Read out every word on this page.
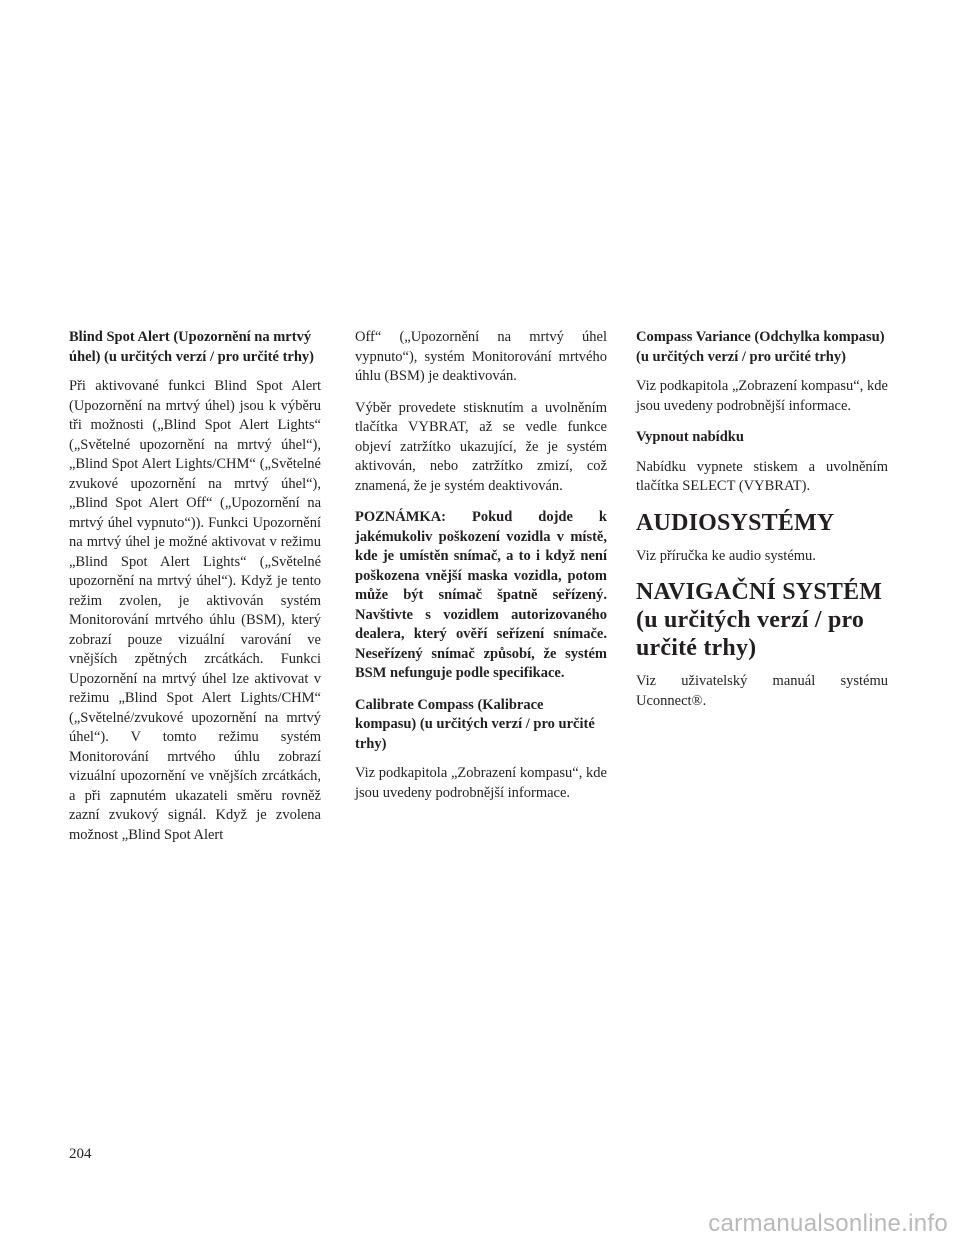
Blind Spot Alert (Upozornění na mrtvý úhel) (u určitých verzí / pro určité trhy)

Při aktivované funkci Blind Spot Alert (Upozornění na mrtvý úhel) jsou k výběru tři možnosti („Blind Spot Alert Lights“ („Světelné upozornění na mrtvý úhel“), „Blind Spot Alert Lights/CHM“ („Světelné zvukové upozornění na mrtvý úhel“), „Blind Spot Alert Off“ („Upozornění na mrtvý úhel vypnuto“)). Funkci Upozornění na mrtvý úhel je možné aktivovat v režimu „Blind Spot Alert Lights“ („Světelné upozornění na mrtvý úhel“). Když je tento režim zvolen, je aktivován systém Monitorování mrtvého úhlu (BSM), který zobrazí pouze vizuální varování ve vnějších zpětných zrcátkách. Funkci Upozornění na mrtvý úhel lze aktivovat v režimu „Blind Spot Alert Lights/CHM“ („Světelné/zvukové upozornění na mrtvý úhel“). V tomto režimu systém Monitorování mrtvého úhlu zobrazí vizuální upozornění ve vnějších zrcátkách, a při zapnutém ukazateli směru rovněž zazní zvukový signál. Když je zvolena možnost „Blind Spot Alert

Off“ („Upozornění na mrtvý úhel vypnuto“), systém Monitorování mrtvého úhlu (BSM) je deaktivován.

Výběr provedete stisknutím a uvolněním tlačítka VYBRAT, až se vedle funkce objeví zatržítko ukazující, že je systém aktivován, nebo zatržítko zmizí, což znamená, že je systém deaktivován.

POZNÁMKA: Pokud dojde k jakémukoliv poškození vozidla v místě, kde je umístěn snímač, a to i když není poškozena vnější maska vozidla, potom může být snímač špatně seřízený. Navštivte s vozidlem autorizovaného dealera, který ověří seřízení snímače. Neseřízený snímač způsobí, že systém BSM nefunguje podle specifikace.

Calibrate Compass (Kalibrace kompasu) (u určitých verzí / pro určité trhy)

Viz podkapitola „Zobrazení kompasu“, kde jsou uvedeny podrobnější informace.

Compass Variance (Odchylka kompasu) (u určitých verzí / pro určité trhy)

Viz podkapitola „Zobrazení kompasu“, kde jsou uvedeny podrobnější informace.

Vypnout nabídku

Nabídku vypnete stiskem a uvolněním tlačítka SELECT (VYBRAT).

AUDIOSYSTÉMY

Viz příručka ke audio systému.

NAVIGAČNÍ SYSTÉM (u určitých verzí / pro určité trhy)

Viz uživatelský manuál systému Uconnect®.

204
carmanualsonline.info
